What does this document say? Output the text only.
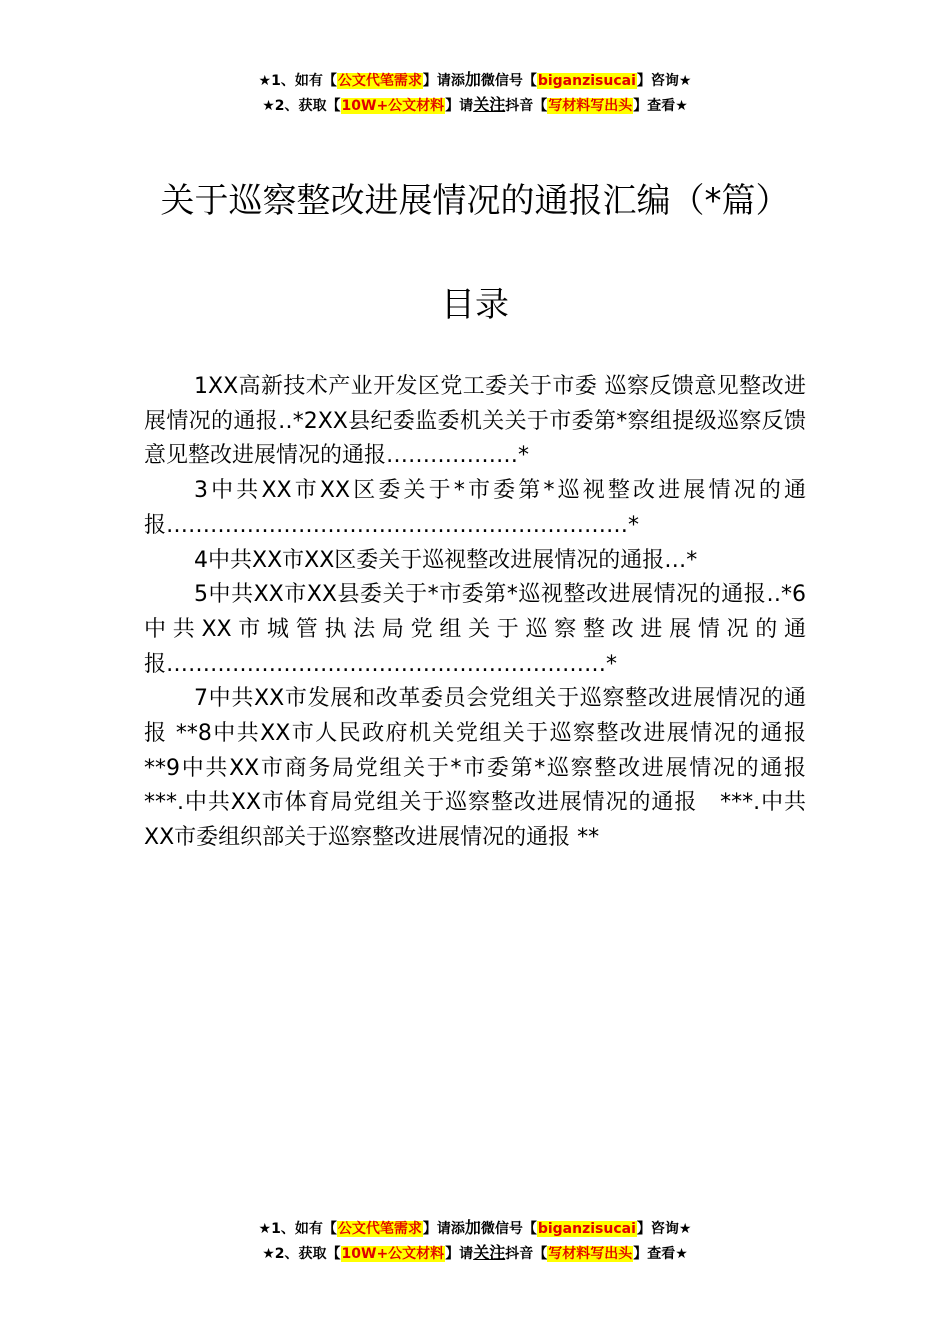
★1、如有【公文代笔需求】请添加微信号【biganzisucai】咨询★
★2、获取【10W+公文材料】请关注抖音【写材料写出头】查看★
关于巡察整改进展情况的通报汇编（*篇）
目录

1XX高新技术产业开发区党工委关于市委 巡察反馈意见整改进展情况的通报‥*2XX县纪委监委机关关于市委第*察组提级巡察反馈意见整改进展情况的通报………………*

3中共XX市XX区委关于*市委第*巡视整改进展情况的通报………………………………………………………*

4中共XX市XX区委关于巡视整改进展情况的通报…*

5中共XX市XX县委关于*市委第*巡视整改进展情况的通报‥*6中共XX市城管执法局党组关于巡察整改进展情况的通报……………………………………………………*

7中共XX市发展和改革委员会党组关于巡察整改进展情况的通报 **8中共XX市人民政府机关党组关于巡察整改进展情况的通报　**9中共XX市商务局党组关于*市委第*巡察整改进展情况的通报　***.中共XX市体育局党组关于巡察整改进展情况的通报　***.中共XX市委组织部关于巡察整改进展情况的通报 **

★1、如有【公文代笔需求】请添加微信号【biganzisucai】咨询★
★2、获取【10W+公文材料】请关注抖音【写材料写出头】查看★
